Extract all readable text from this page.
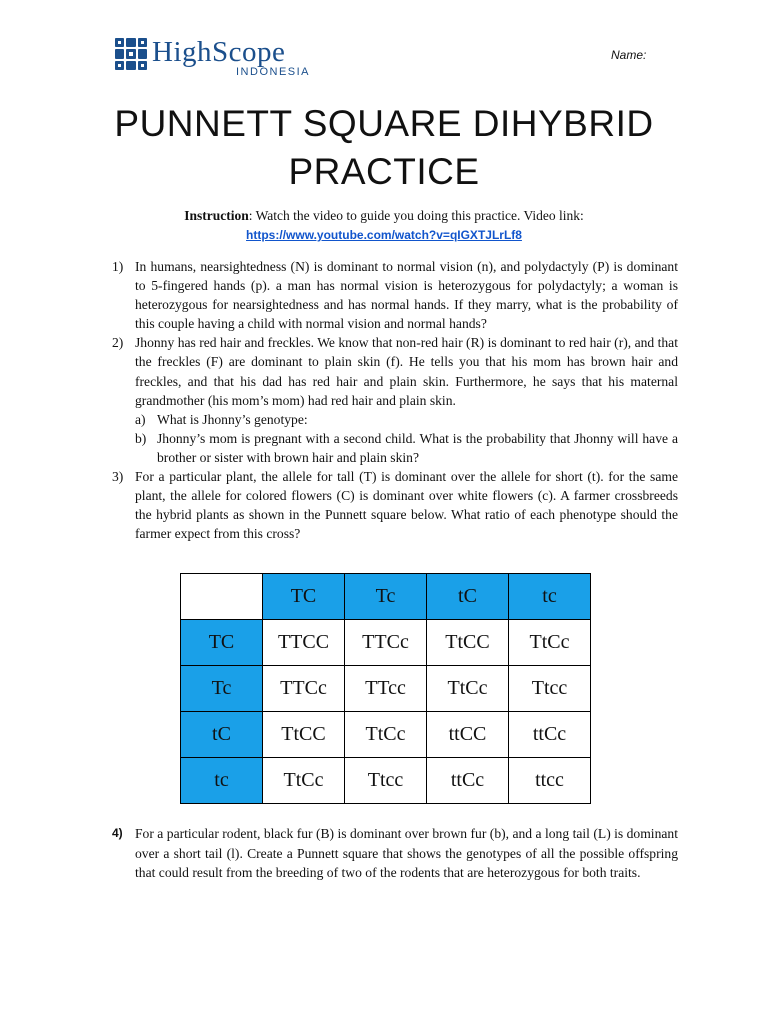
HighScope
INDONESIA
Name:
PUNNETT SQUARE DIHYBRID
PRACTICE
Instruction: Watch the video to guide you doing this practice. Video link:
https://www.youtube.com/watch?v=qIGXTJLrLf8
1) In humans, nearsightedness (N) is dominant to normal vision (n), and polydactyly (P) is dominant to 5-fingered hands (p). a man has normal vision is heterozygous for polydactyly; a woman is heterozygous for nearsightedness and has normal hands. If they marry, what is the probability of this couple having a child with normal vision and normal hands?
2) Jhonny has red hair and freckles. We know that non-red hair (R) is dominant to red hair (r), and that the freckles (F) are dominant to plain skin (f). He tells you that his mom has brown hair and freckles, and that his dad has red hair and plain skin. Furthermore, he says that his maternal grandmother (his mom’s mom) had red hair and plain skin.
a) What is Jhonny’s genotype:
b) Jhonny’s mom is pregnant with a second child. What is the probability that Jhonny will have a brother or sister with brown hair and plain skin?
3) For a particular plant, the allele for tall (T) is dominant over the allele for short (t). for the same plant, the allele for colored flowers (C) is dominant over white flowers (c). A farmer crossbreeds the hybrid plants as shown in the Punnett square below. What ratio of each phenotype should the farmer expect from this cross?
	TC	Tc	tC	tc
TC	TTCC	TTCc	TtCC	TtCc
Tc	TTCc	TTcc	TtCc	Ttcc
tC	TtCC	TtCc	ttCC	ttCc
tc	TtCc	Ttcc	ttCc	ttcc
4) For a particular rodent, black fur (B) is dominant over brown fur (b), and a long tail (L) is dominant over a short tail (l). Create a Punnett square that shows the genotypes of all the possible offspring that could result from the breeding of two of the rodents that are heterozygous for both traits.
